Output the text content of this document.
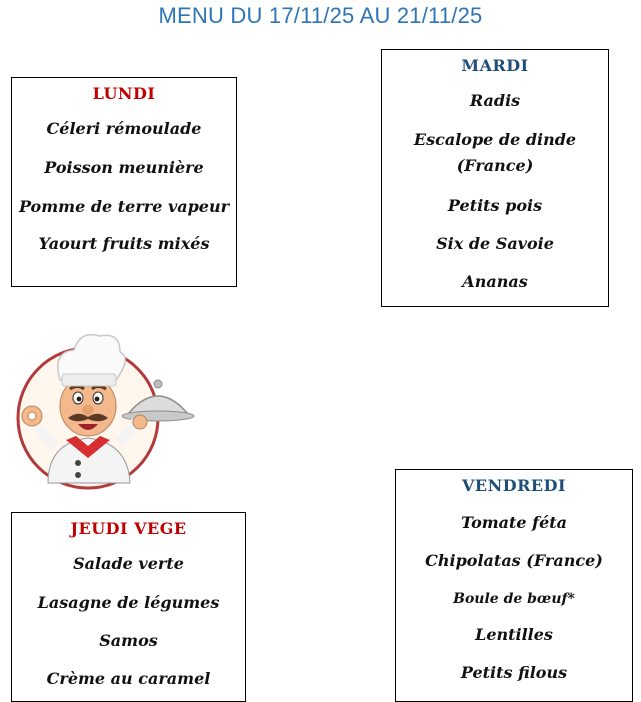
MENU DU 17/11/25 AU 21/11/25
LUNDI
Céleri rémoulade
Poisson meunière
Pomme de terre vapeur
Yaourt fruits mixés
MARDI
Radis
Escalope de dinde
(France)
Petits pois
Six de Savoie
Ananas
JEUDI VEGE
Salade verte
Lasagne de légumes
Samos
Crème au caramel
VENDREDI
Tomate féta
Chipolatas (France)
Boule de bœuf*
Lentilles
Petits filous
